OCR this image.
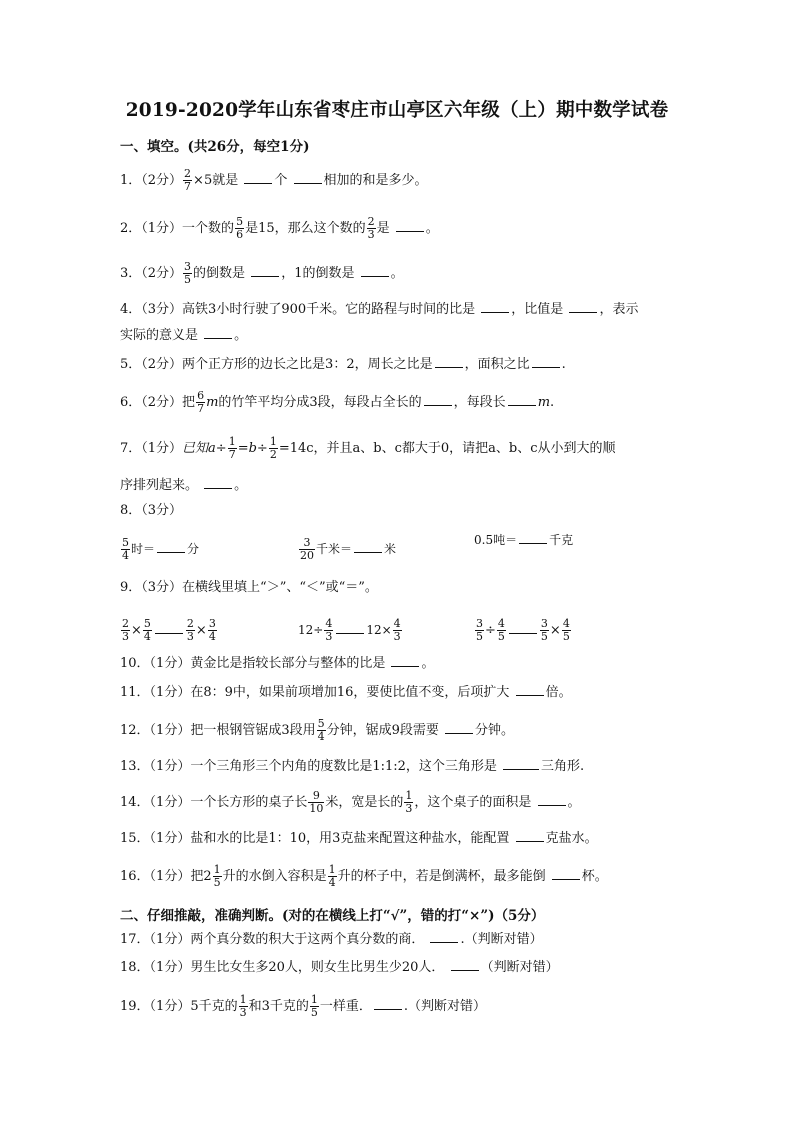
2019-2020学年山东省枣庄市山亭区六年级（上）期中数学试卷
一、填空。(共26分，每空1分)
1．（2分） $\frac{2}{7} \times 5$就是	个	相加的和是多少。
2．（1分）一个数的 $\frac{5}{6}$ 是15，那么这个数的 $\frac{2}{3}$ 是	。
3．（2分） $\frac{3}{5}$ 的倒数是	，1的倒数是	。
4．（3分）高铁3小时行驶了900千米。它的路程与时间的比是	，比值是	，表示
实际的意义是	。
5．（2分）两个正方形的边长之比是3：2，周长之比是 ，面积之比 .
6．（2分）把 $\frac{6}{7}$ m的竹竿平均分成3段，每段占全长的 ，每段长 m.
7．（1分）已知$a\div \frac{1}{7} =b\div \frac{1}{2} =14c$，并且a、b、c都大于0，请把a、b、c从小到大的顺
序排列起来。	。
8．（3分）
$\frac{5}{4}$ 时＝	分	$\frac{3}{20}$ 千米＝	米
0.5吨＝	千克
9．（3分）在横线里填上“＞”、“＜”或“＝”。
$\frac{2}{3} \times \frac{5}{4}$	$\frac{2}{3} \times \frac{3}{4}$	$12\div \frac{4}{3}$	$12\times \frac{4}{3}$	$\frac{3}{5} \div \frac{4}{5}$	$\frac{3}{5} \times \frac{4}{5}$
10．（1分）黄金比是指较长部分与整体的比是	。
11．（1分）在8：9中，如果前项增加16，要使比值不变，后项扩大	倍。
12．（1分）把一根钢管锯成3段用 $\frac{5}{4}$ 分钟，锯成9段需要	分钟。
13．（1分）一个三角形三个内角的度数比是1:1:2，这个三角形是	三角形.
14．（1分）一个长方形的桌子长 $\frac{9}{10}$ 米，宽是长的 $\frac{1}{3}$ ，这个桌子的面积是	。
15．（1分）盐和水的比是1：10，用3克盐来配置这种盐水，能配置	克盐水。
16．（1分）把$2 \frac{1}{5}$ 升的水倒入容积是 $\frac{1}{4}$ 升的杯子中，若是倒满杯，最多能倒	杯。
二、仔细推敲，准确判断。(对的在横线上打“√”，错的打“×”)（5分）
17．（1分）两个真分数的积大于这两个真分数的商．	.（判断对错）
18．（1分）男生比女生多20人，则女生比男生少20人．	（判断对错）
19．（1分）5千克的 $\frac{1}{3}$ 和3千克的 $\frac{1}{5}$ 一样重． .（判断对错）
